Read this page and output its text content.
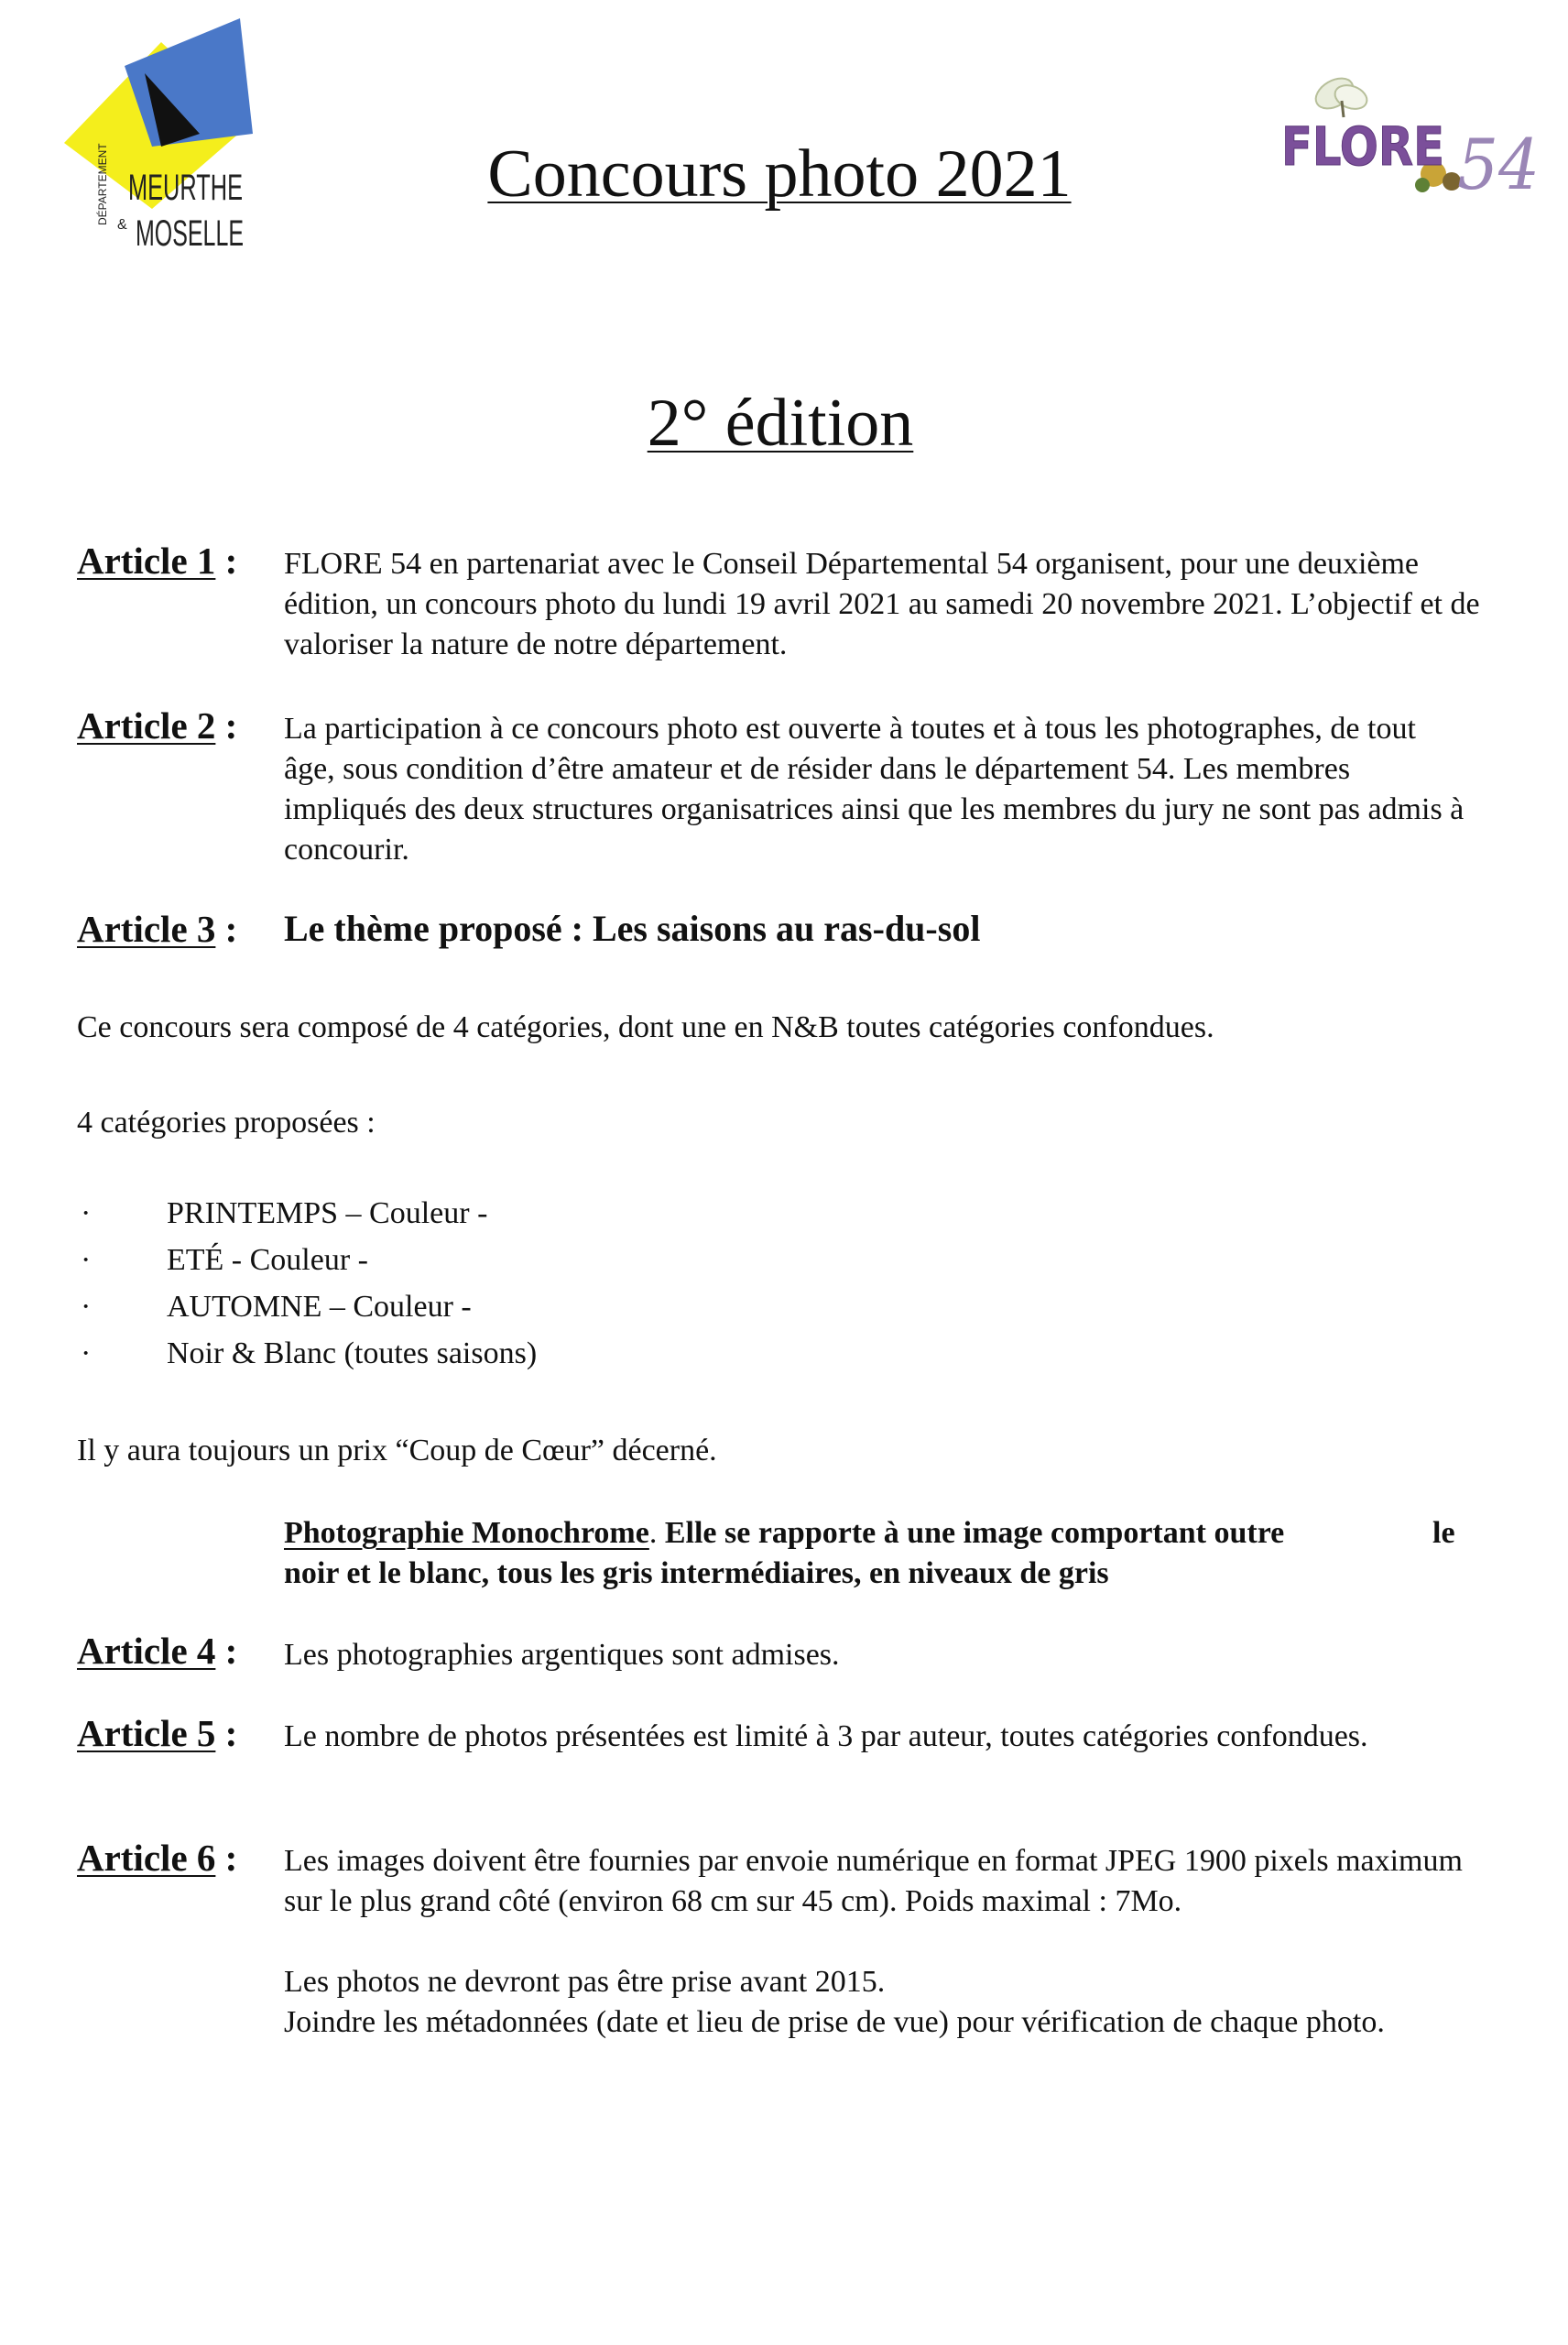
DÉPARTEMENT MEURTHE
& MOSELLE
FLORE 54
Concours photo 2021
2° édition
Article 1 : FLORE 54 en partenariat avec le Conseil Départemental 54 organisent, pour une deuxième édition, un concours photo du lundi 19 avril 2021 au samedi 20 novembre 2021. L’objectif et de valoriser la nature de notre département.
Article 2 : La participation à ce concours photo est ouverte à toutes et à tous les photographes, de tout âge, sous condition d’être amateur et de résider dans le département 54. Les membres impliqués des deux structures organisatrices ainsi que les membres du jury ne sont pas admis à concourir.
Article 3 : Le thème proposé : Les saisons au ras-du-sol
Ce concours sera composé de 4 catégories, dont une en N&B toutes catégories confondues.
4 catégories proposées :
· PRINTEMPS – Couleur -
· ETÉ - Couleur -
· AUTOMNE – Couleur -
· Noir & Blanc (toutes saisons)
Il y aura toujours un prix “Coup de Cœur” décerné.
Photographie Monochrome. Elle se rapporte à une image comportant outre	le
noir et le blanc, tous les gris intermédiaires, en niveaux de gris
Article 4 : Les photographies argentiques sont admises.
Article 5 : Le nombre de photos présentées est limité à 3 par auteur, toutes catégories confondues.
Article 6 : Les images doivent être fournies par envoie numérique en format JPEG 1900 pixels maximum sur le plus grand côté (environ 68 cm sur 45 cm). Poids maximal : 7Mo.
Les photos ne devront pas être prise avant 2015.
Joindre les métadonnées (date et lieu de prise de vue) pour vérification de chaque photo.
